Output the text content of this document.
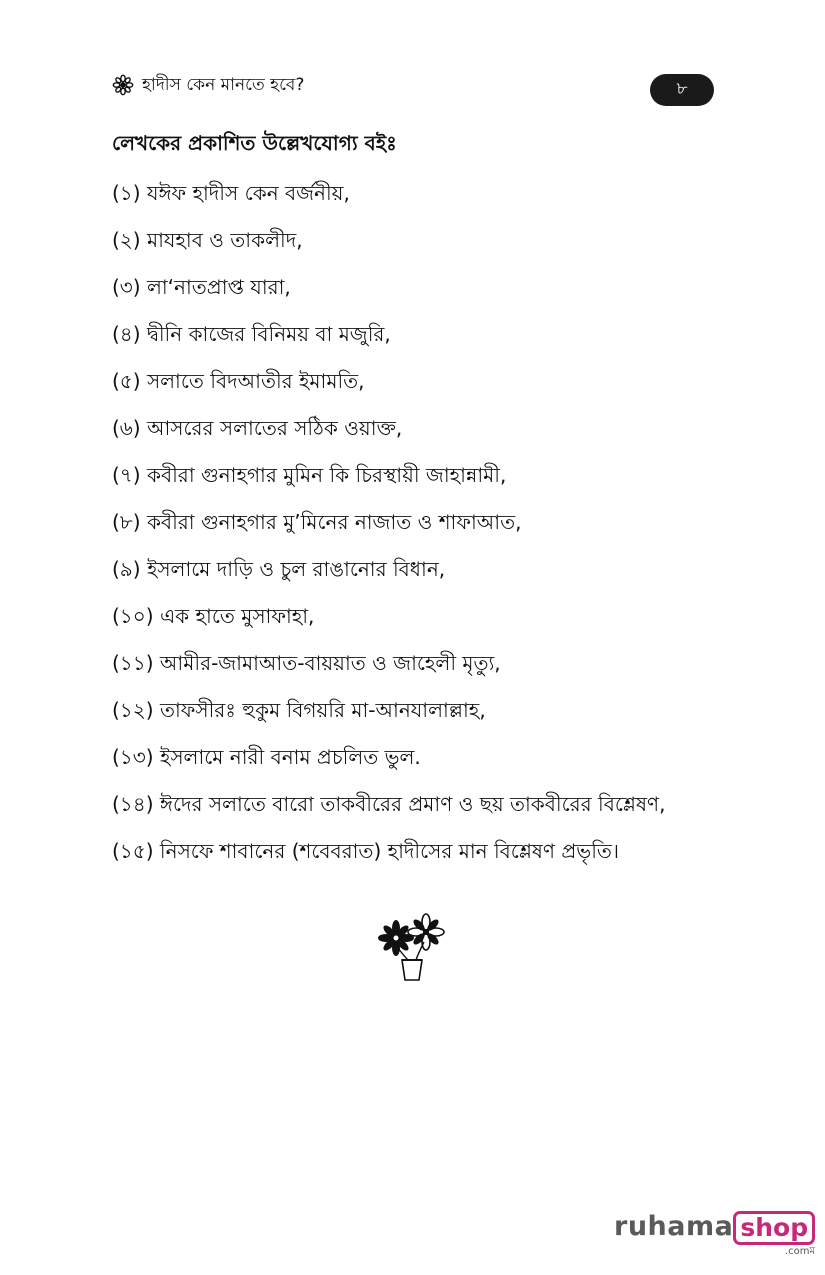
হাদীস কেন মানতে হবে?	৮
লেখকের প্রকাশিত উল্লেখযোগ্য বইঃ
(১) যঈফ হাদীস কেন বর্জনীয়,
(২) মাযহাব ও তাকলীদ,
(৩) লা‘নাতপ্রাপ্ত যারা,
(৪) দ্বীনি কাজের বিনিময় বা মজুরি,
(৫) সলাতে বিদআতীর ইমামতি,
(৬) আসরের সলাতের সঠিক ওয়াক্ত,
(৭) কবীরা গুনাহগার মুমিন কি চিরস্থায়ী জাহান্নামী,
(৮) কবীরা গুনাহগার মু’মিনের নাজাত ও শাফাআত,
(৯) ইসলামে দাড়ি ও চুল রাঙানোর বিধান,
(১০) এক হাতে মুসাফাহা,
(১১) আমীর-জামাআত-বায়য়াত ও জাহেলী মৃত্যু,
(১২) তাফসীরঃ হুকুম বিগয়রি মা-আনযালাল্লাহ,
(১৩) ইসলামে নারী বনাম প্রচলিত ভুল.
(১৪) ঈদের সলাতে বারো তাকবীরের প্রমাণ ও ছয় তাকবীরের বিশ্লেষণ,
(১৫) নিসফে শাবানের (শবেবরাত) হাদীসের মান বিশ্লেষণ প্রভৃতি।
ruhama shop
.comম
